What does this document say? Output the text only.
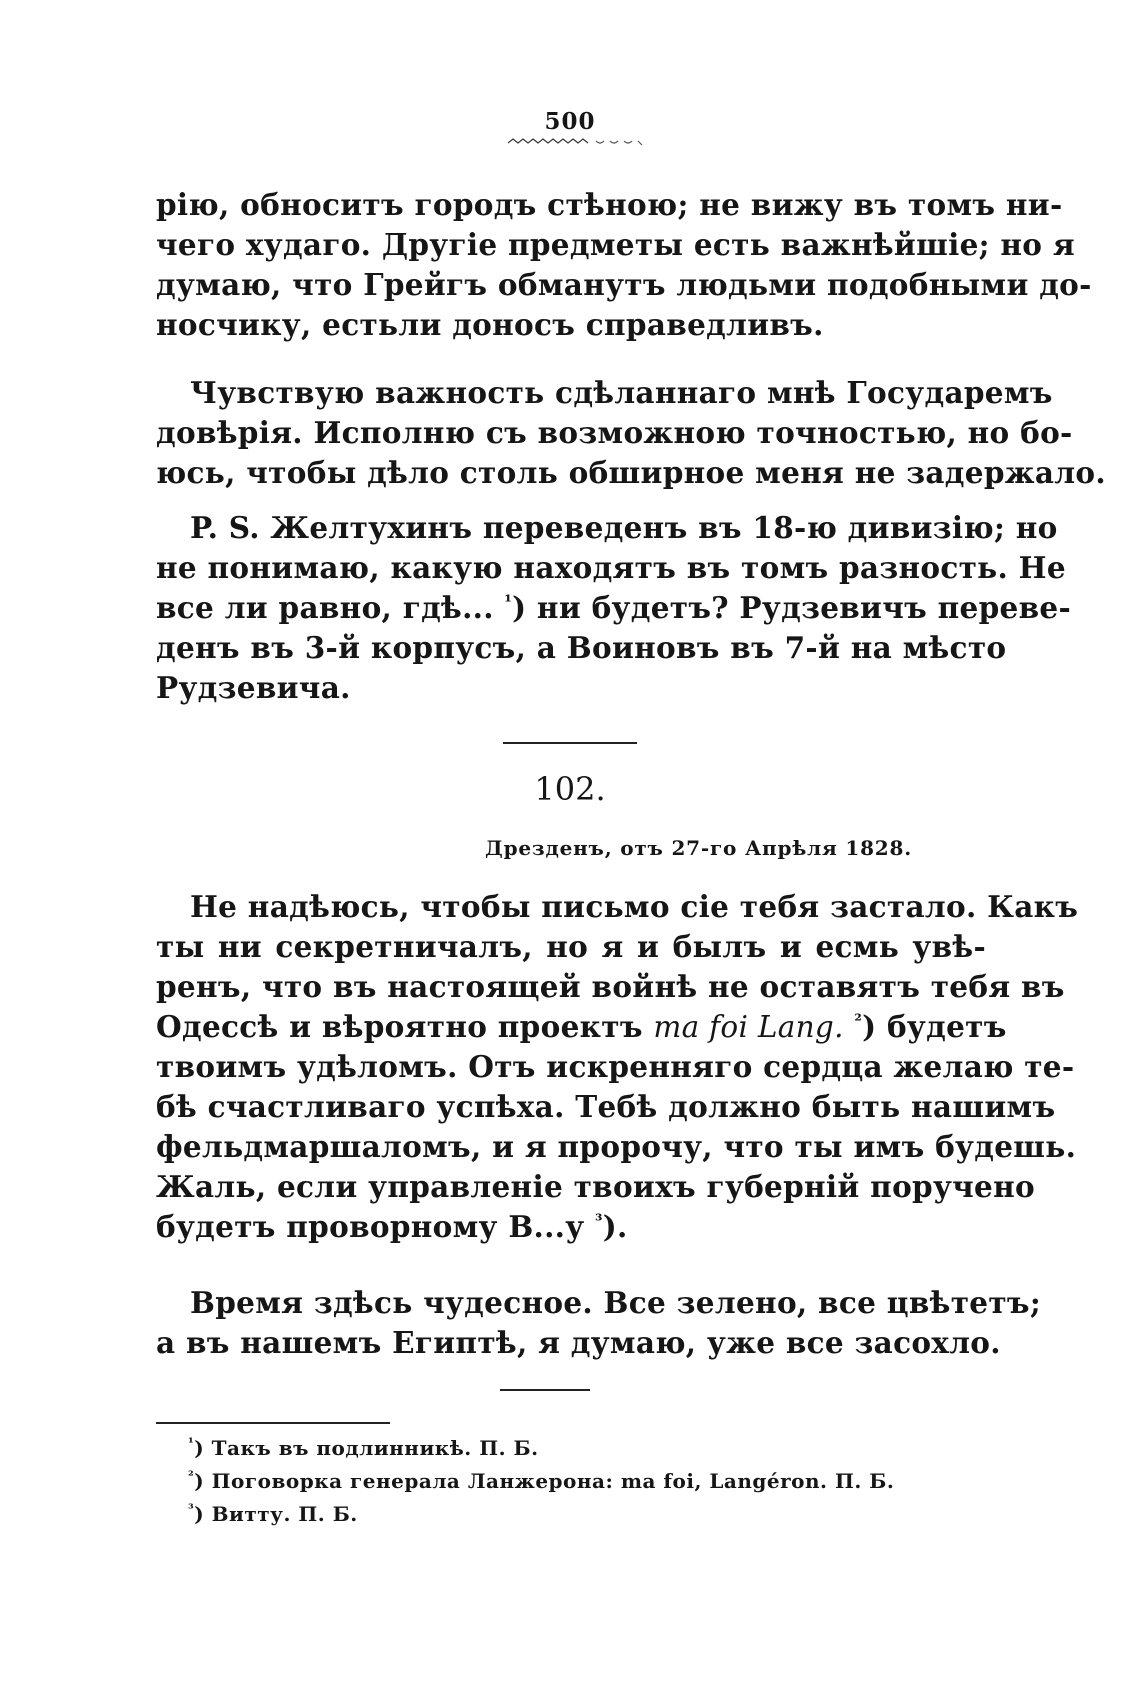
500
рію, обноситъ городъ стѣною; не вижу въ томъ ни-
чего худаго. Другіе предметы есть важнѣйшіе; но я
думаю, что Грейгъ обманутъ людьми подобными до-
носчику, естьли доносъ справедливъ.
Чувствую важность сдѣланнаго мнѣ Государемъ
довѣрія. Исполню съ возможною точностью, но бо-
юсь, чтобы дѣло столь обширное меня не задержало.
P. S. Желтухинъ переведенъ въ 18-ю дивизію; но
не понимаю, какую находятъ въ томъ разность. Не
все ли равно, гдѣ... $^{^1}$) ни будетъ? Рудзевичъ переве-
денъ въ 3-й корпусъ, а Воиновъ въ 7-й на мѣсто
Рудзевича.
102.
Дрезденъ, отъ 27-го Апрѣля 1828.
Не надѣюсь, чтобы письмо сіе тебя застало. Какъ
ты ни секретничалъ, но я и былъ и есмь увѣ-
ренъ, что въ настоящей войнѣ не оставятъ тебя въ
Одессѣ и вѣроятно проектъ ma foi Lang. $^{^2}$) будетъ
твоимъ удѣломъ. Отъ искренняго сердца желаю те-
бѣ счастливаго успѣха. Тебѣ должно быть нашимъ
фельдмаршаломъ, и я пророчу, что ты имъ будешь.
Жаль, если управленіе твоихъ губерній поручено
будетъ проворному В...у $^{^3}$).
Время здѣсь чудесное. Все зелено, все цвѣтетъ;
а въ нашемъ Египтѣ, я думаю, уже все засохло.
$^{^1}$) Такъ въ подлинникѣ. П. Б.
$^{^2}$) Поговорка генерала Ланжерона: ma foi, Langéron. П. Б.
$^{^3}$) Витту. П. Б.
